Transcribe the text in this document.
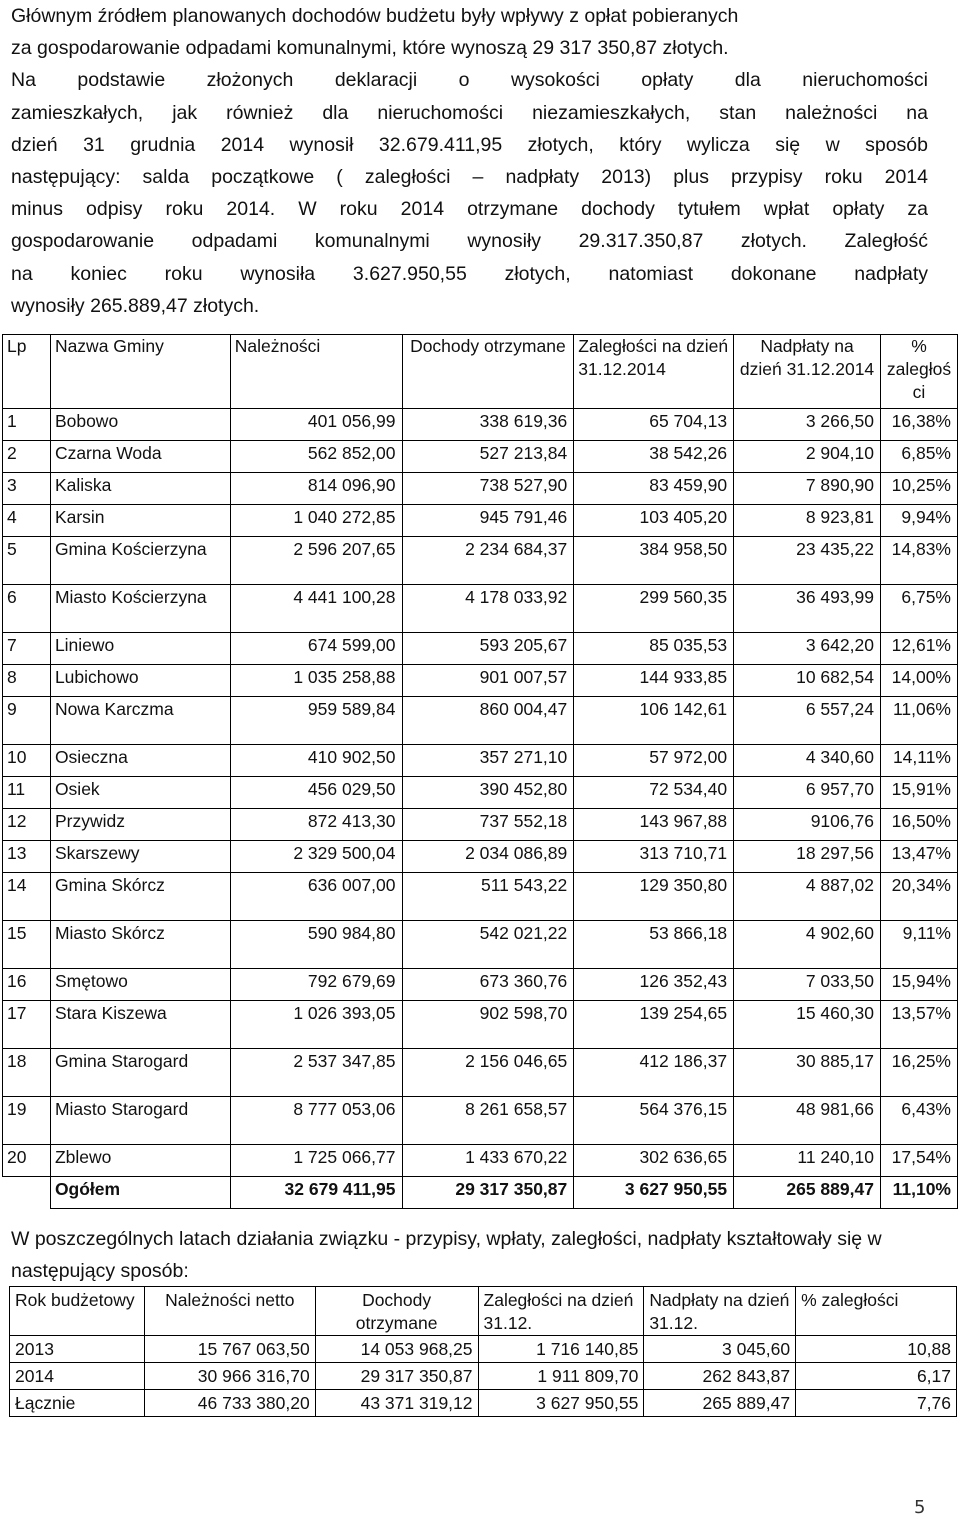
Głównym źródłem planowanych dochodów budżetu były wpływy z opłat pobieranych
za gospodarowanie odpadami komunalnymi, które wynoszą 29 317 350,87 złotych.
Na podstawie złożonych deklaracji o wysokości opłaty dla nieruchomości
zamieszkałych, jak również dla nieruchomości niezamieszkałych, stan należności na
dzień 31 grudnia 2014 wynosił 32.679.411,95 złotych, który wylicza się w sposób
następujący: salda początkowe ( zaległości – nadpłaty 2013) plus przypisy roku 2014
minus odpisy roku 2014. W roku 2014 otrzymane dochody tytułem wpłat opłaty za
gospodarowanie odpadami komunalnymi wynosiły 29.317.350,87 złotych. Zaległość
na koniec roku wynosiła 3.627.950,55 złotych, natomiast dokonane nadpłaty
wynosiły 265.889,47 złotych.
Lp	Nazwa Gminy	Należności	Dochody otrzymane	Zaległości na dzień 31.12.2014	Nadpłaty na dzień 31.12.2014	% zaległoś ci
1	Bobowo	401 056,99	338 619,36	65 704,13	3 266,50	16,38%
2	Czarna Woda	562 852,00	527 213,84	38 542,26	2 904,10	6,85%
3	Kaliska	814 096,90	738 527,90	83 459,90	7 890,90	10,25%
4	Karsin	1 040 272,85	945 791,46	103 405,20	8 923,81	9,94%
5	Gmina Kościerzyna	2 596 207,65	2 234 684,37	384 958,50	23 435,22	14,83%
6	Miasto Kościerzyna	4 441 100,28	4 178 033,92	299 560,35	36 493,99	6,75%
7	Liniewo	674 599,00	593 205,67	85 035,53	3 642,20	12,61%
8	Lubichowo	1 035 258,88	901 007,57	144 933,85	10 682,54	14,00%
9	Nowa Karczma	959 589,84	860 004,47	106 142,61	6 557,24	11,06%
10	Osieczna	410 902,50	357 271,10	57 972,00	4 340,60	14,11%
11	Osiek	456 029,50	390 452,80	72 534,40	6 957,70	15,91%
12	Przywidz	872 413,30	737 552,18	143 967,88	9106,76	16,50%
13	Skarszewy	2 329 500,04	2 034 086,89	313 710,71	18 297,56	13,47%
14	Gmina Skórcz	636 007,00	511 543,22	129 350,80	4 887,02	20,34%
15	Miasto Skórcz	590 984,80	542 021,22	53 866,18	4 902,60	9,11%
16	Smętowo	792 679,69	673 360,76	126 352,43	7 033,50	15,94%
17	Stara Kiszewa	1 026 393,05	902 598,70	139 254,65	15 460,30	13,57%
18	Gmina Starogard	2 537 347,85	2 156 046,65	412 186,37	30 885,17	16,25%
19	Miasto Starogard	8 777 053,06	8 261 658,57	564 376,15	48 981,66	6,43%
20	Zblewo	1 725 066,77	1 433 670,22	302 636,65	11 240,10	17,54%
	Ogółem	32 679 411,95	29 317 350,87	3 627 950,55	265 889,47	11,10%
W poszczególnych latach działania związku - przypisy, wpłaty, zaległości, nadpłaty kształtowały się w następujący sposób:
Rok budżetowy	Należności netto	Dochody otrzymane	Zaległości na dzień 31.12.	Nadpłaty na dzień 31.12.	% zaległości
2013	15 767 063,50	14 053 968,25	1 716 140,85	3 045,60	10,88
2014	30 966 316,70	29 317 350,87	1 911 809,70	262 843,87	6,17
Łącznie	46 733 380,20	43 371 319,12	3 627 950,55	265 889,47	7,76
5
